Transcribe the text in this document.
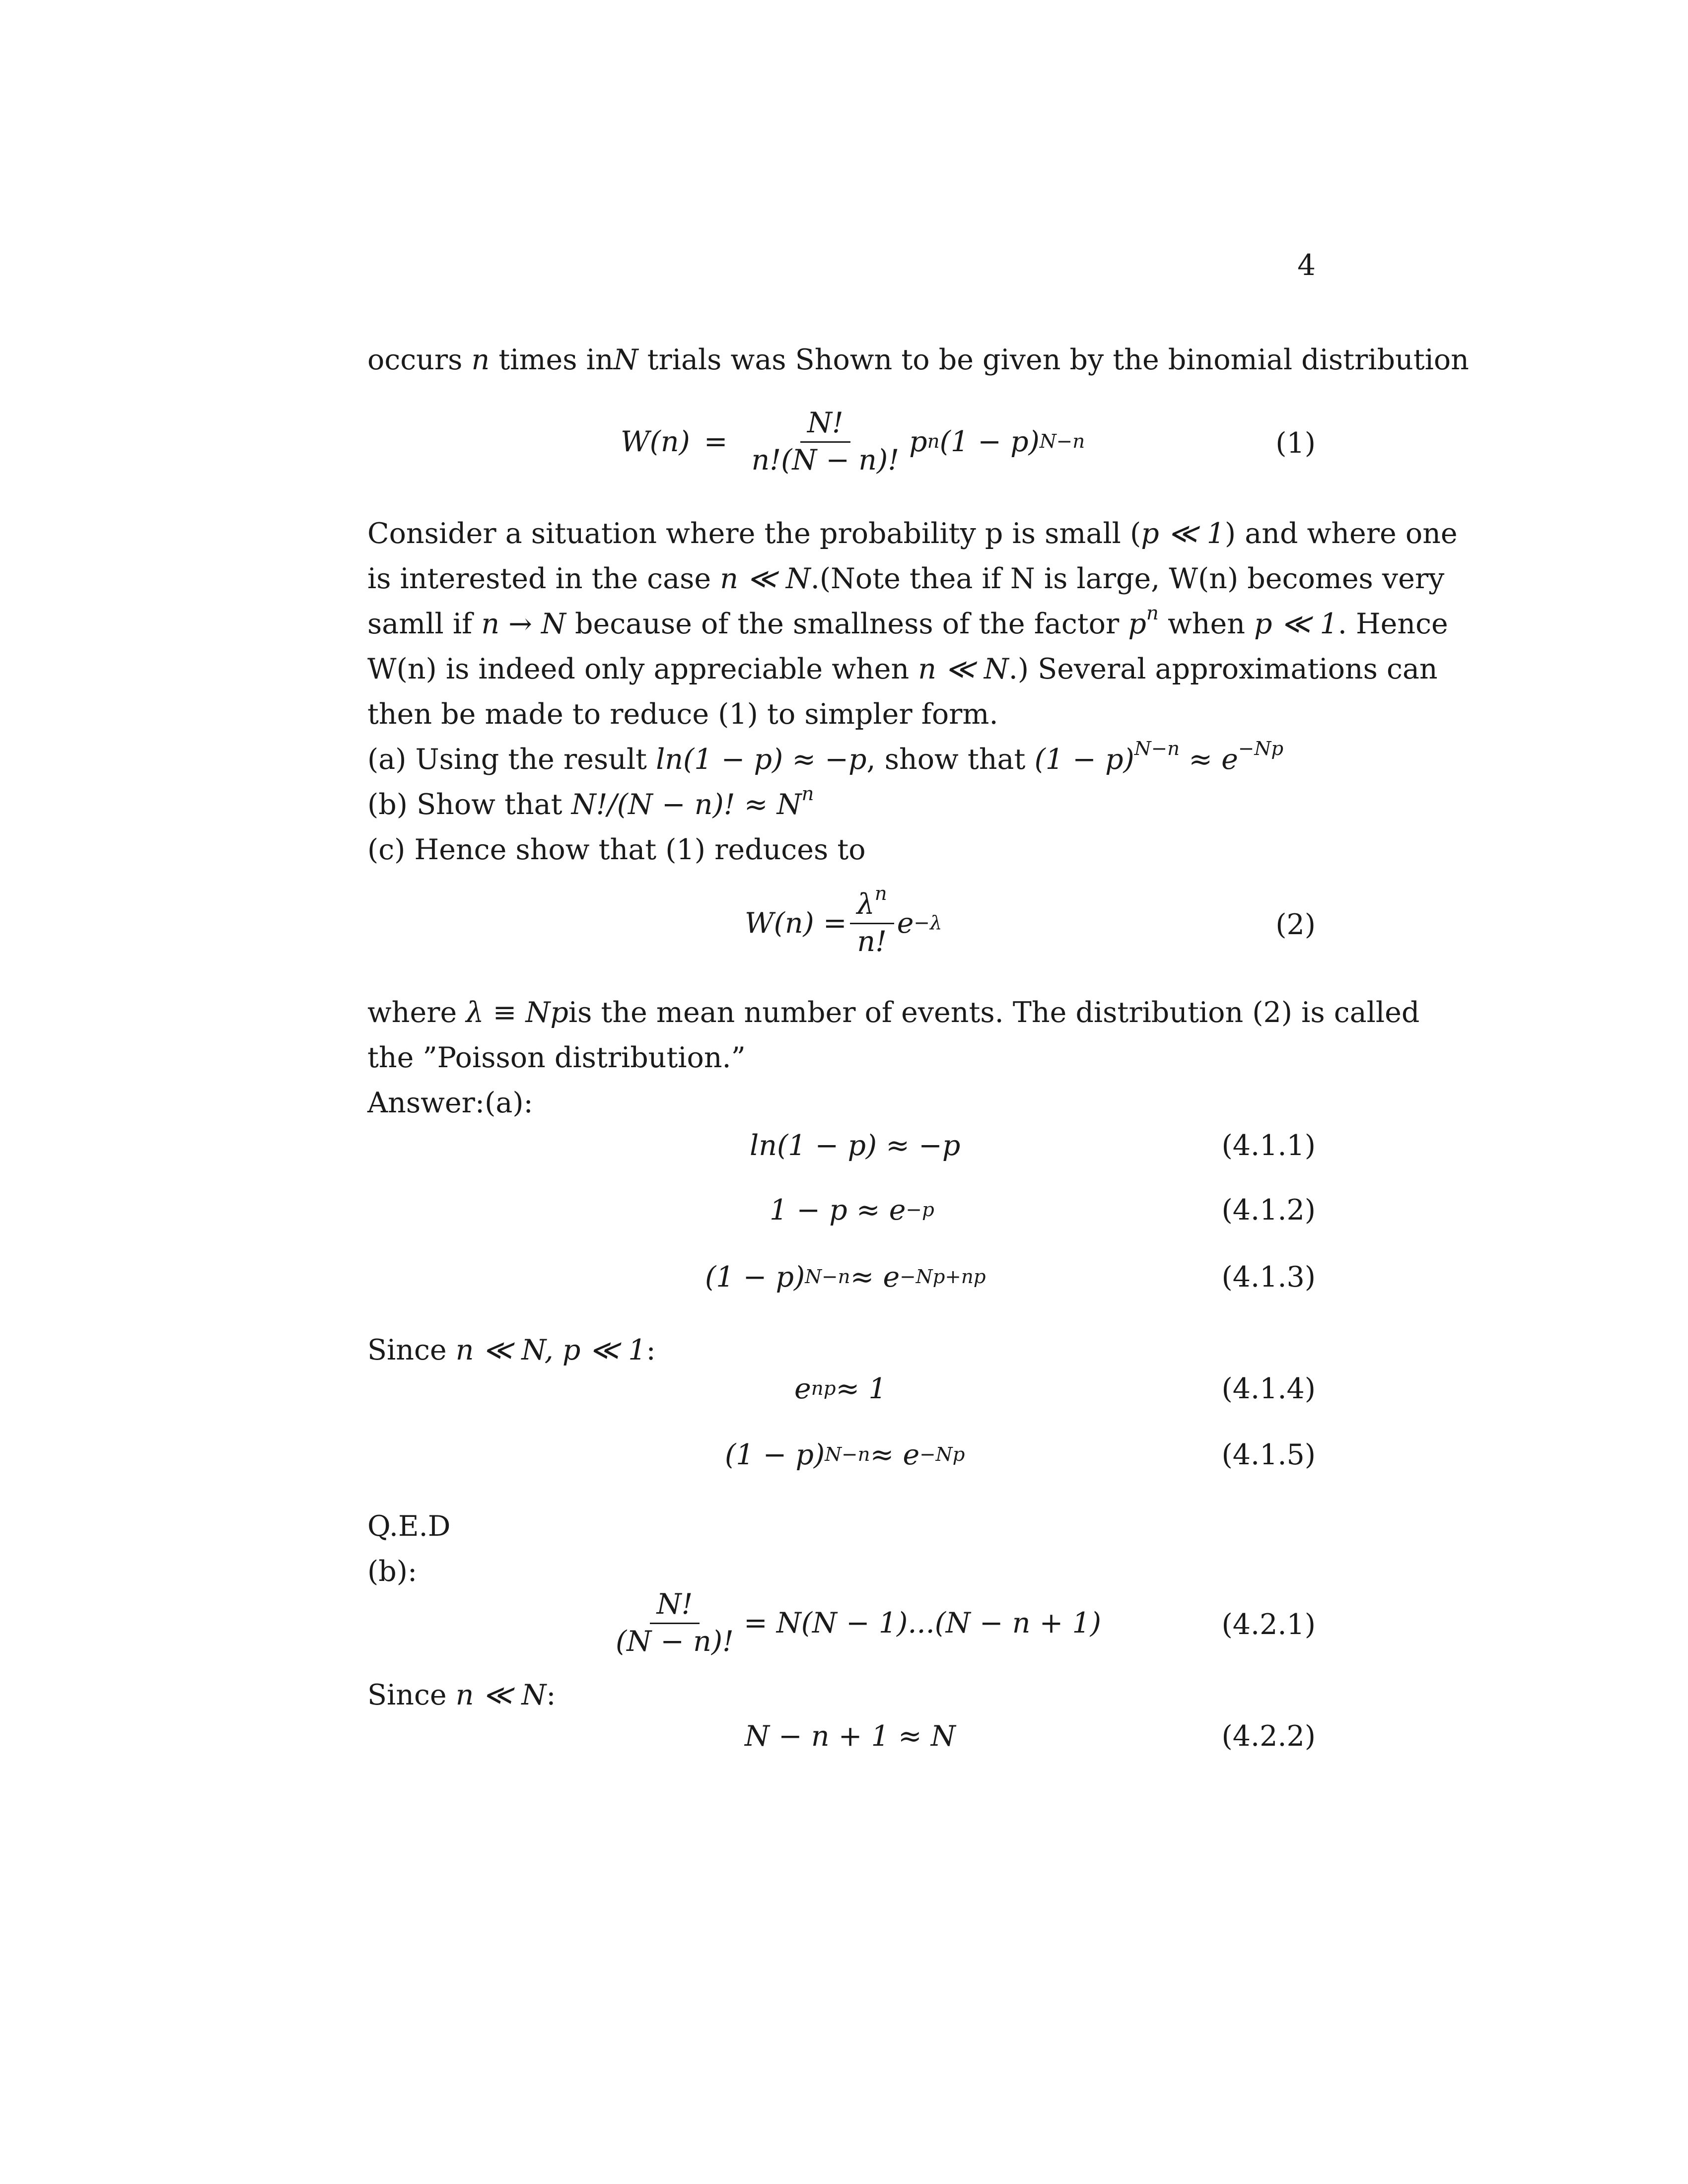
4
occurs n times inN trials was Shown to be given by the binomial distribution
$W(n) = \frac{N!}{n!(N - n)!}$ p n (1 − p) N−n	(1)
Consider a situation where the probability p is small (p ≪ 1) and where one
is interested in the case n ≪ N.(Note thea if N is large, W(n) becomes very
samll if n → N because of the smallness of the factor $p^n$ when p ≪ 1. Hence
W(n) is indeed only appreciable when n ≪ N.) Several approximations can
then be made to reduce (1) to simpler form.
(a) Using the result ln(1 − p) ≈ −p, show that $(1 - p)^{N-n} \approx e^{-Np}$
(b) Show that N!/(N − n)! ≈ $N^n$
(c) Hence show that (1) reduces to
$W(n) = \frac{\lambda^n}{n!}$ e −λ	(2)
where λ ≡ Npis the mean number of events. The distribution (2) is called
the ”Poisson distribution.”
Answer:(a):
ln(1 − p) ≈ −p	(4.1.1)
1 − p ≈ e −p	(4.1.2)
(1 − p) N−n ≈ e −Np+np	(4.1.3)
Since n ≪ N, p ≪ 1:
e np ≈ 1	(4.1.4)
(1 − p) N−n ≈ e −Np	(4.1.5)
Q.E.D
(b):
$\frac{N!}{(N - n)!} = N(N - 1)...(N - n + 1)$	(4.2.1)
Since n ≪ N:
N − n + 1 ≈ N	(4.2.2)
